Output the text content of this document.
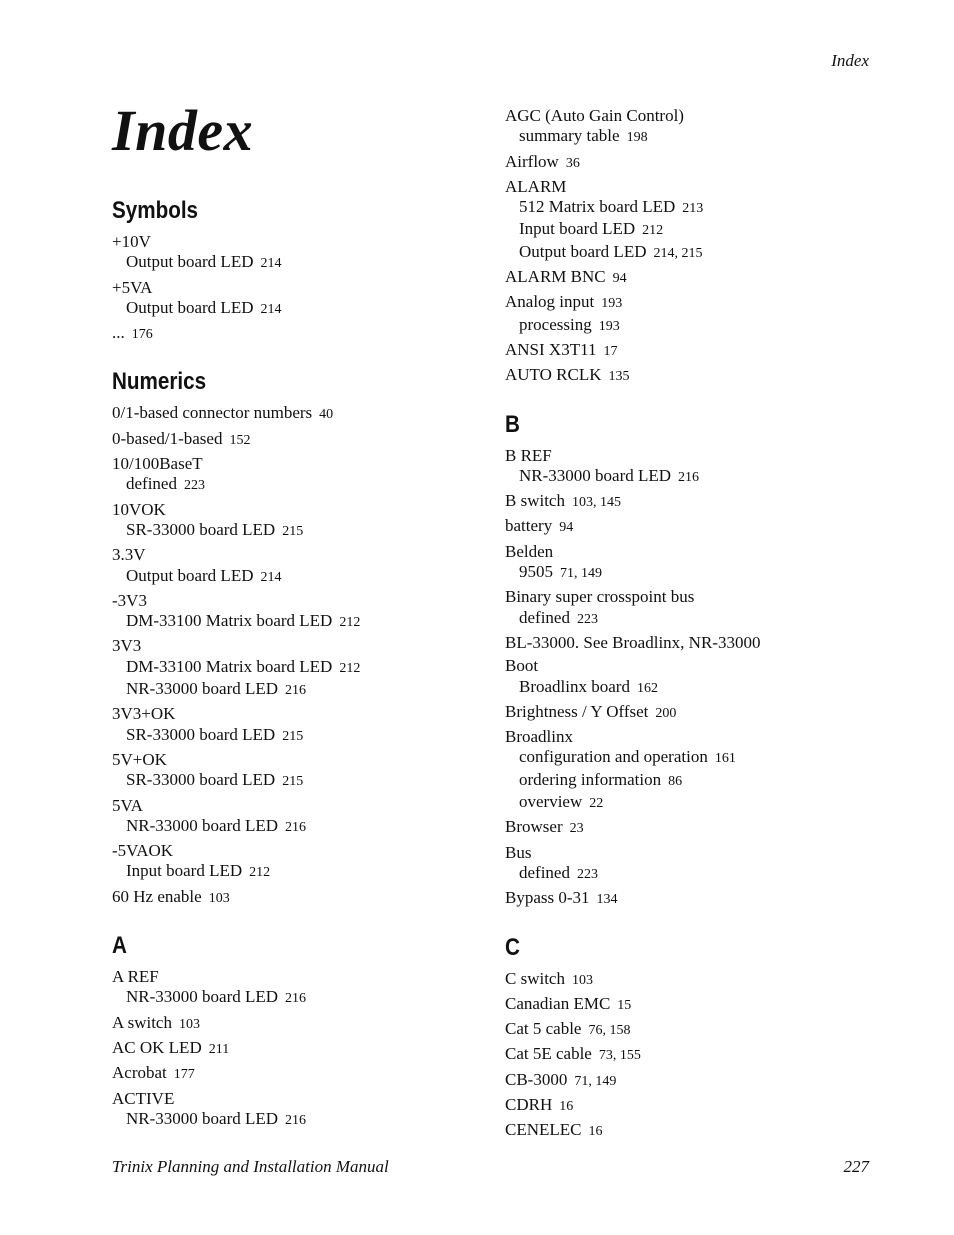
Index
Index
Symbols
+10V
Output board LED 214
+5VA
Output board LED 214
... 176
Numerics
0/1-based connector numbers 40
0-based/1-based 152
10/100BaseT
defined 223
10VOK
SR-33000 board LED 215
3.3V
Output board LED 214
-3V3
DM-33100 Matrix board LED 212
3V3
DM-33100 Matrix board LED 212
NR-33000 board LED 216
3V3+OK
SR-33000 board LED 215
5V+OK
SR-33000 board LED 215
5VA
NR-33000 board LED 216
-5VAOK
Input board LED 212
60 Hz enable 103
A
A REF
NR-33000 board LED 216
A switch 103
AC OK LED 211
Acrobat 177
ACTIVE
NR-33000 board LED 216
AGC (Auto Gain Control)
summary table 198
Airflow 36
ALARM
512 Matrix board LED 213
Input board LED 212
Output board LED 214, 215
ALARM BNC 94
Analog input 193
processing 193
ANSI X3T11 17
AUTO RCLK 135
B
B REF
NR-33000 board LED 216
B switch 103, 145
battery 94
Belden
9505 71, 149
Binary super crosspoint bus
defined 223
BL-33000. See Broadlinx, NR-33000
Boot
Broadlinx board 162
Brightness / Y Offset 200
Broadlinx
configuration and operation 161
ordering information 86
overview 22
Browser 23
Bus
defined 223
Bypass 0-31 134
C
C switch 103
Canadian EMC 15
Cat 5 cable 76, 158
Cat 5E cable 73, 155
CB-3000 71, 149
CDRH 16
CENELEC 16
Trinix Planning and Installation Manual	227
